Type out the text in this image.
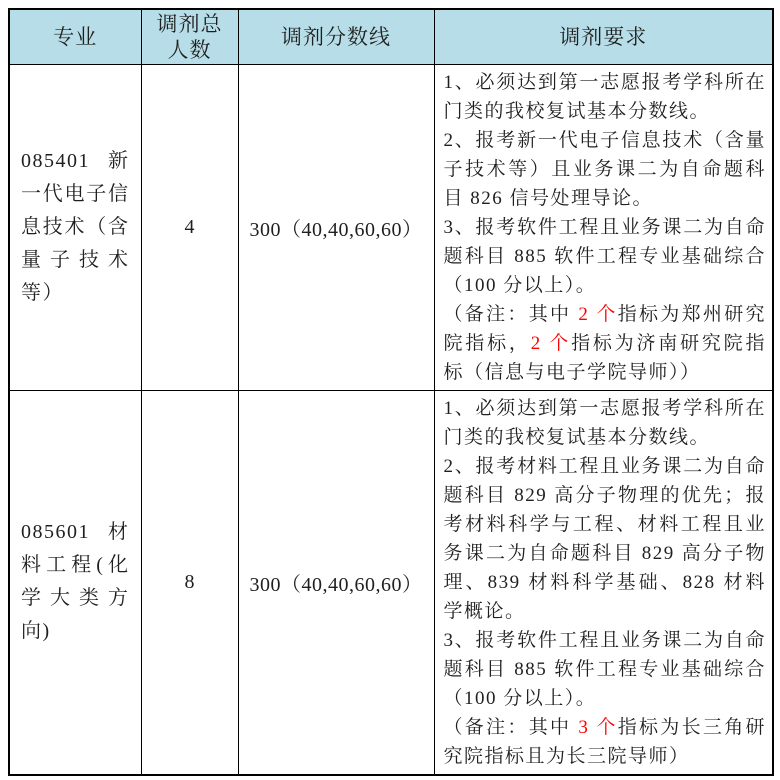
专业	调剂总人数	调剂分数线	调剂要求
085401 新一代电子信息技术（含量子技术等）	4	300（40,40,60,60）	1、必须达到第一志愿报考学科所在门类的我校复试基本分数线。

2、报考新一代电子信息技术（含量子技术等）且业务课二为自命题科目 826 信号处理导论。

3、报考软件工程且业务课二为自命题科目 885 软件工程专业基础综合（100 分以上）。

（备注：其中 2 个指标为郑州研究院指标，2 个指标为济南研究院指标（信息与电子学院导师））

085601 材料工程(化学大类方向)	8	300（40,40,60,60）	1、必须达到第一志愿报考学科所在门类的我校复试基本分数线。

2、报考材料工程且业务课二为自命题科目 829 高分子物理的优先；报考材料科学与工程、材料工程且业务课二为自命题科目 829 高分子物理、839 材料科学基础、828 材料学概论。

3、报考软件工程且业务课二为自命题科目 885 软件工程专业基础综合（100 分以上）。

（备注：其中 3 个指标为长三角研究院指标且为长三院导师）
